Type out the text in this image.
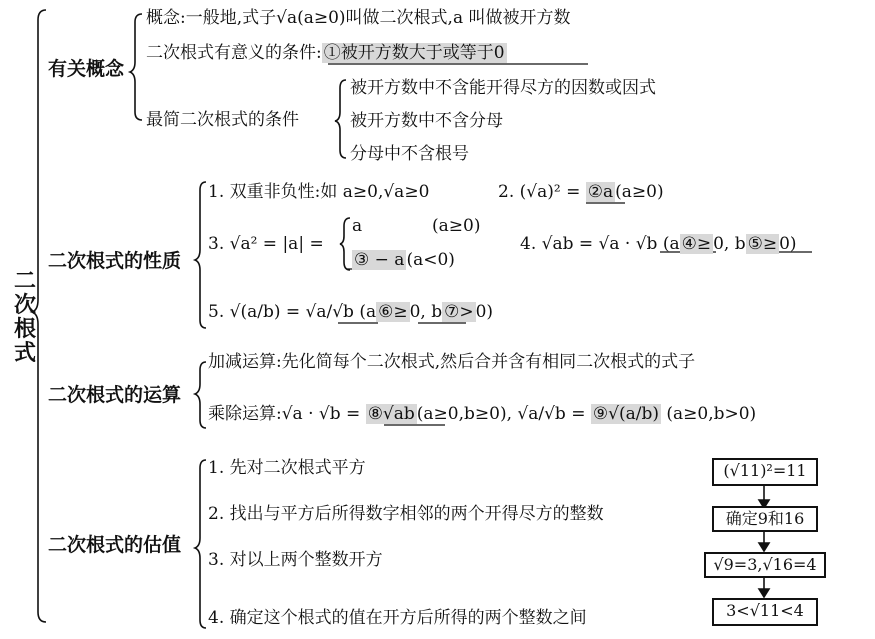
二
次
根
式
有关概念
概念:一般地,式子√a(a≥0)叫做二次根式,a 叫做被开方数
二次根式有意义的条件: ①被开方数大于或等于0
最简二次根式的条件
被开方数中不含能开得尽方的因数或因式
被开方数中不含分母
分母中不含根号
二次根式的性质
1. 双重非负性:如 a≥0,√a≥0	2. (√a)² = ②a (a≥0)
3. √a² = |a| =
a	(a≥0)
③ − a (a<0)
4. √ab = √a · √b (a ④≥ 0, b ⑤≥ 0)
5. √(a/b) = √a/√b (a ⑥≥ 0, b ⑦> 0)
二次根式的运算
加减运算:先化简每个二次根式,然后合并含有相同二次根式的式子
乘除运算:√a · √b = ⑧√ab (a≥0,b≥0), √a/√b = ⑨√(a/b) (a≥0,b>0)
二次根式的估值
1. 先对二次根式平方
2. 找出与平方后所得数字相邻的两个开得尽方的整数
3. 对以上两个整数开方
4. 确定这个根式的值在开方后所得的两个整数之间
(√11)²=11
确定9和16
√9=3,√16=4
3<√11<4
